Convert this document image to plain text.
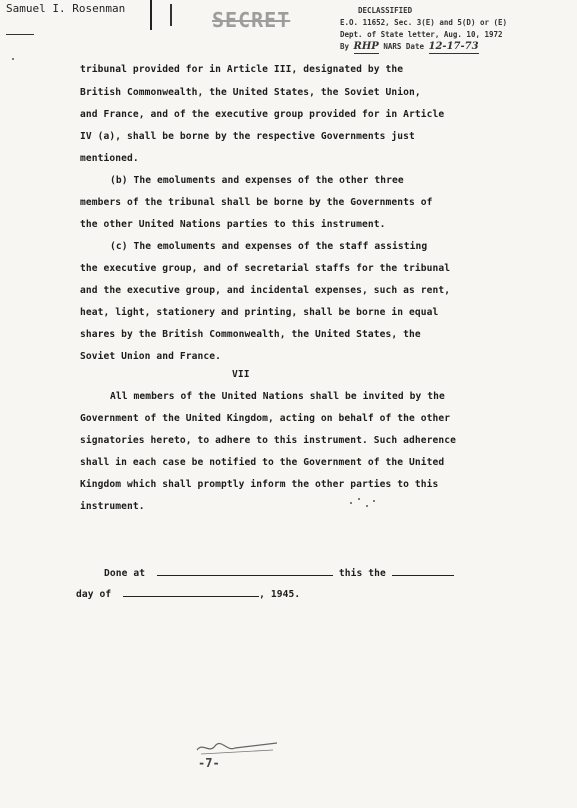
Samuel I. Rosenman	SECRET	DECLASSIFIED
E.O. 11652, Sec. 3(E) and 5(D) or (E)
Dept. of State letter, Aug. 10, 1972
By RHP NARS Date 12-17-73
tribunal provided for in Article III, designated by the
British Commonwealth, the United States, the Soviet Union,
and France, and of the executive group provided for in Article
IV (a), shall be borne by the respective Governments just
mentioned.
(b) The emoluments and expenses of the other three
members of the tribunal shall be borne by the Governments of
the other United Nations parties to this instrument.
(c) The emoluments and expenses of the staff assisting
the executive group, and of secretarial staffs for the tribunal
and the executive group, and incidental expenses, such as rent,
heat, light, stationery and printing, shall be borne in equal
shares by the British Commonwealth, the United States, the
Soviet Union and France.
VII
All members of the United Nations shall be invited by the
Government of the United Kingdom, acting on behalf of the other
signatories hereto, to adhere to this instrument. Such adherence
shall in each case be notified to the Government of the United
Kingdom which shall promptly inform the other parties to this
instrument.
Done at	this the
day of	, 1945.
-7-
